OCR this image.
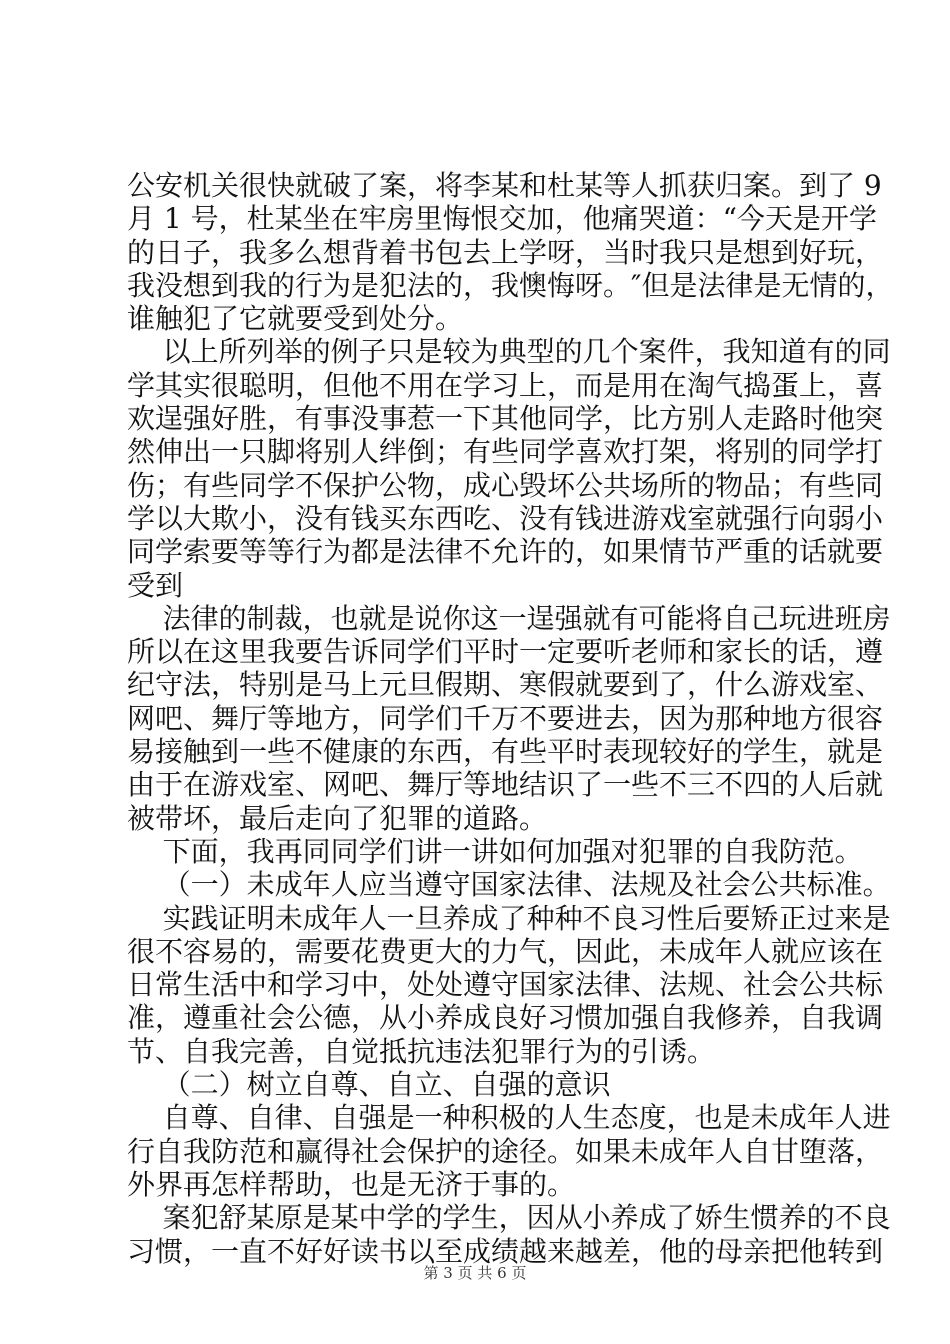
公安机关很快就破了案，将李某和杜某等人抓获归案。到了 9
月 1 号，杜某坐在牢房里悔恨交加，他痛哭道：“今天是开学
的日子，我多么想背着书包去上学呀，当时我只是想到好玩，
我没想到我的行为是犯法的，我懊悔呀。″但是法律是无情的，
谁触犯了它就要受到处分。
以上所列举的例子只是较为典型的几个案件，我知道有的同
学其实很聪明，但他不用在学习上，而是用在淘气捣蛋上，喜
欢逞强好胜，有事没事惹一下其他同学，比方别人走路时他突
然伸出一只脚将别人绊倒；有些同学喜欢打架，将别的同学打
伤；有些同学不保护公物，成心毁坏公共场所的物品；有些同
学以大欺小，没有钱买东西吃、没有钱进游戏室就强行向弱小
同学索要等等行为都是法律不允许的，如果情节严重的话就要
受到
法律的制裁，也就是说你这一逞强就有可能将自己玩进班房
所以在这里我要告诉同学们平时一定要听老师和家长的话，遵
纪守法，特别是马上元旦假期、寒假就要到了，什么游戏室、
网吧、舞厅等地方，同学们千万不要进去，因为那种地方很容
易接触到一些不健康的东西，有些平时表现较好的学生，就是
由于在游戏室、网吧、舞厅等地结识了一些不三不四的人后就
被带坏，最后走向了犯罪的道路。
下面，我再同同学们讲一讲如何加强对犯罪的自我防范。
（一）未成年人应当遵守国家法律、法规及社会公共标准。
实践证明未成年人一旦养成了种种不良习性后要矫正过来是
很不容易的，需要花费更大的力气，因此，未成年人就应该在
日常生活中和学习中，处处遵守国家法律、法规、社会公共标
准，遵重社会公德，从小养成良好习惯加强自我修养，自我调
节、自我完善，自觉抵抗违法犯罪行为的引诱。
（二）树立自尊、自立、自强的意识
自尊、自律、自强是一种积极的人生态度，也是未成年人进
行自我防范和赢得社会保护的途径。如果未成年人自甘堕落，
外界再怎样帮助，也是无济于事的。
案犯舒某原是某中学的学生，因从小养成了娇生惯养的不良
习惯，一直不好好读书以至成绩越来越差，他的母亲把他转到
第 3 页 共 6 页
